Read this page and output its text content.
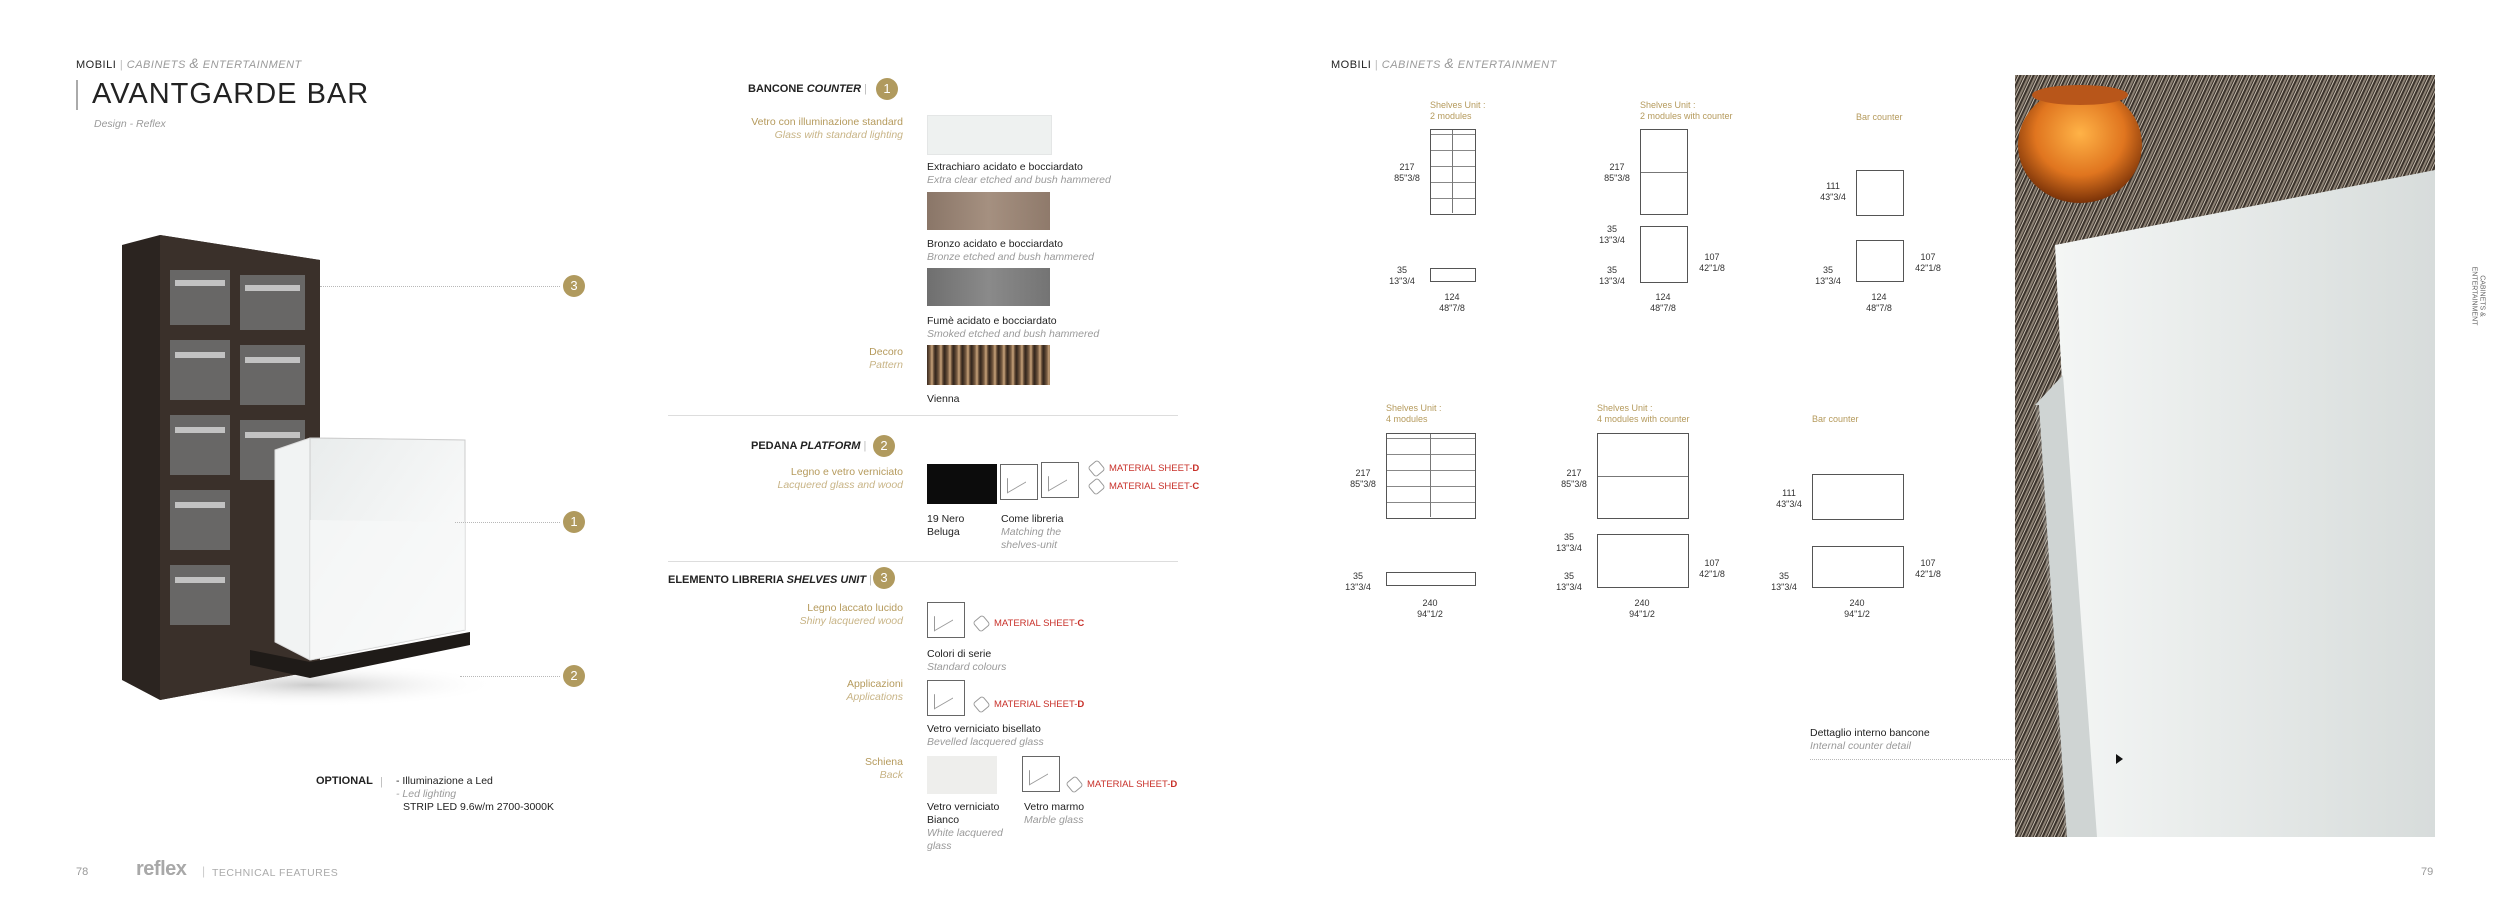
MOBILI | CABINETS & ENTERTAINMENT
AVANTGARDE BAR
Design - Reflex
3
1
2
OPTIONAL | - Illuminazione a Led
- Led lighting
STRIP LED 9.6w/m 2700-3000K
78 reflex | TECHNICAL FEATURES
BANCONE COUNTER |	1
Vetro con illuminazione standard
Glass with standard lighting
Extrachiaro acidato e bocciardato
Extra clear etched and bush hammered
Bronzo acidato e bocciardato
Bronze etched and bush hammered
Fumè acidato e bocciardato
Smoked etched and bush hammered
Decoro
Pattern
Vienna
PEDANA PLATFORM |	2
Legno e vetro verniciato
Lacquered glass and wood
MATERIAL SHEET-D
MATERIAL SHEET-C
19 Nero
Beluga
Come libreria
Matching the
shelves-unit
ELEMENTO LIBRERIA SHELVES UNIT | 3
Legno laccato lucido
Shiny lacquered wood	MATERIAL SHEET-C
Colori di serie
Standard colours
Applicazioni
Applications
MATERIAL SHEET-D
Vetro verniciato bisellato
Bevelled lacquered glass
Schiena
Back
MATERIAL SHEET-D
Vetro verniciato
Bianco
White lacquered
glass
Vetro marmo
Marble glass
MOBILI | CABINETS & ENTERTAINMENT
Shelves Unit :
2 modules
217
85"3/8
35
13"3/4
124
48"7/8
Shelves Unit :
2 modules with counter
217
85"3/8
35
13"3/4
35
13"3/4
107
42"1/8
124
48"7/8
Bar counter
111
43"3/4
35
13"3/4
107
42"1/8
124
48"7/8
Shelves Unit :
4 modules
217
85"3/8
35
13"3/4
240
94"1/2
Shelves Unit :
4 modules with counter
217
85"3/8
35
13"3/4
35
13"3/4
107
42"1/8
240
94"1/2
Bar counter
111
43"3/4
35
13"3/4
107
42"1/8
240
94"1/2
CABINETS &
ENTERTAINMENT
Dettaglio interno bancone
Internal counter detail
79
